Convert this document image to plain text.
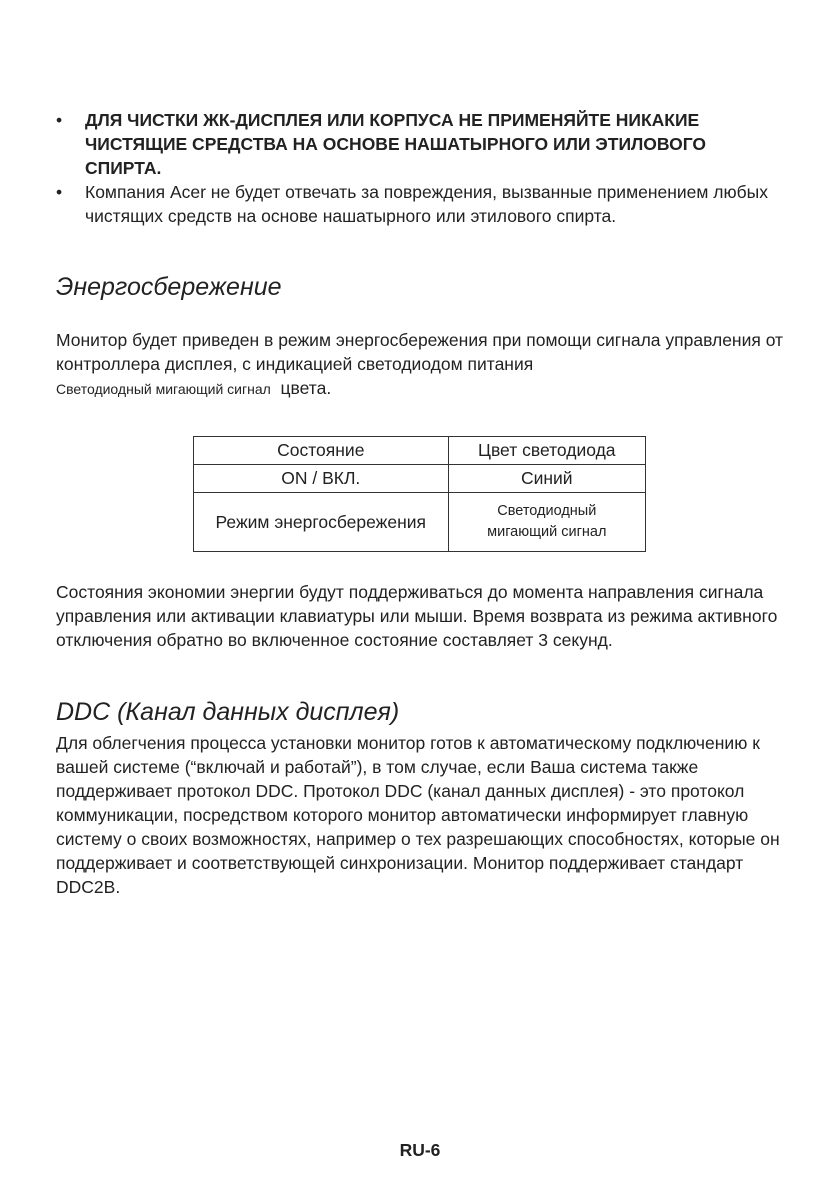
• ДЛЯ ЧИСТКИ ЖК-ДИСПЛЕЯ ИЛИ КОРПУСА НЕ ПРИМЕНЯЙТЕ НИКАКИЕ ЧИСТЯЩИЕ СРЕДСТВА НА ОСНОВЕ НАШАТЫРНОГО ИЛИ ЭТИЛОВОГО СПИРТА.
• Компания Acer не будет отвечать за повреждения, вызванные применением любых чистящих средств на основе нашатырного или этилового спирта.
Энергосбережение

Монитор будет приведен в режим энергосбережения при помощи сигнала управления от контроллера дисплея, с индикацией светодиодом питания
Светодиодный мигающий сигнал цвета.

Состояние	Цвет светодиода
ON / ВКЛ.	Синий
Режим энергосбережения	Светодиодный
мигающий сигнал

Состояния экономии энергии будут поддерживаться до момента направления сигнала управления или активации клавиатуры или мыши. Время возврата из режима активного отключения обратно во включенное состояние составляет 3 секунд.

DDC (Канал данных дисплея)

Для облегчения процесса установки монитор готов к автоматическому подключению к вашей системе (“включай и работай”), в том случае, если Ваша система также поддерживает протокол DDC. Протокол DDC (канал данных дисплея) - это протокол коммуникации, посредством которого монитор автоматически информирует главную систему о своих возможностях, например о тех разрешающих способностях, которые он поддерживает и соответствующей синхронизации. Монитор поддерживает стандарт DDC2B.

RU-6
